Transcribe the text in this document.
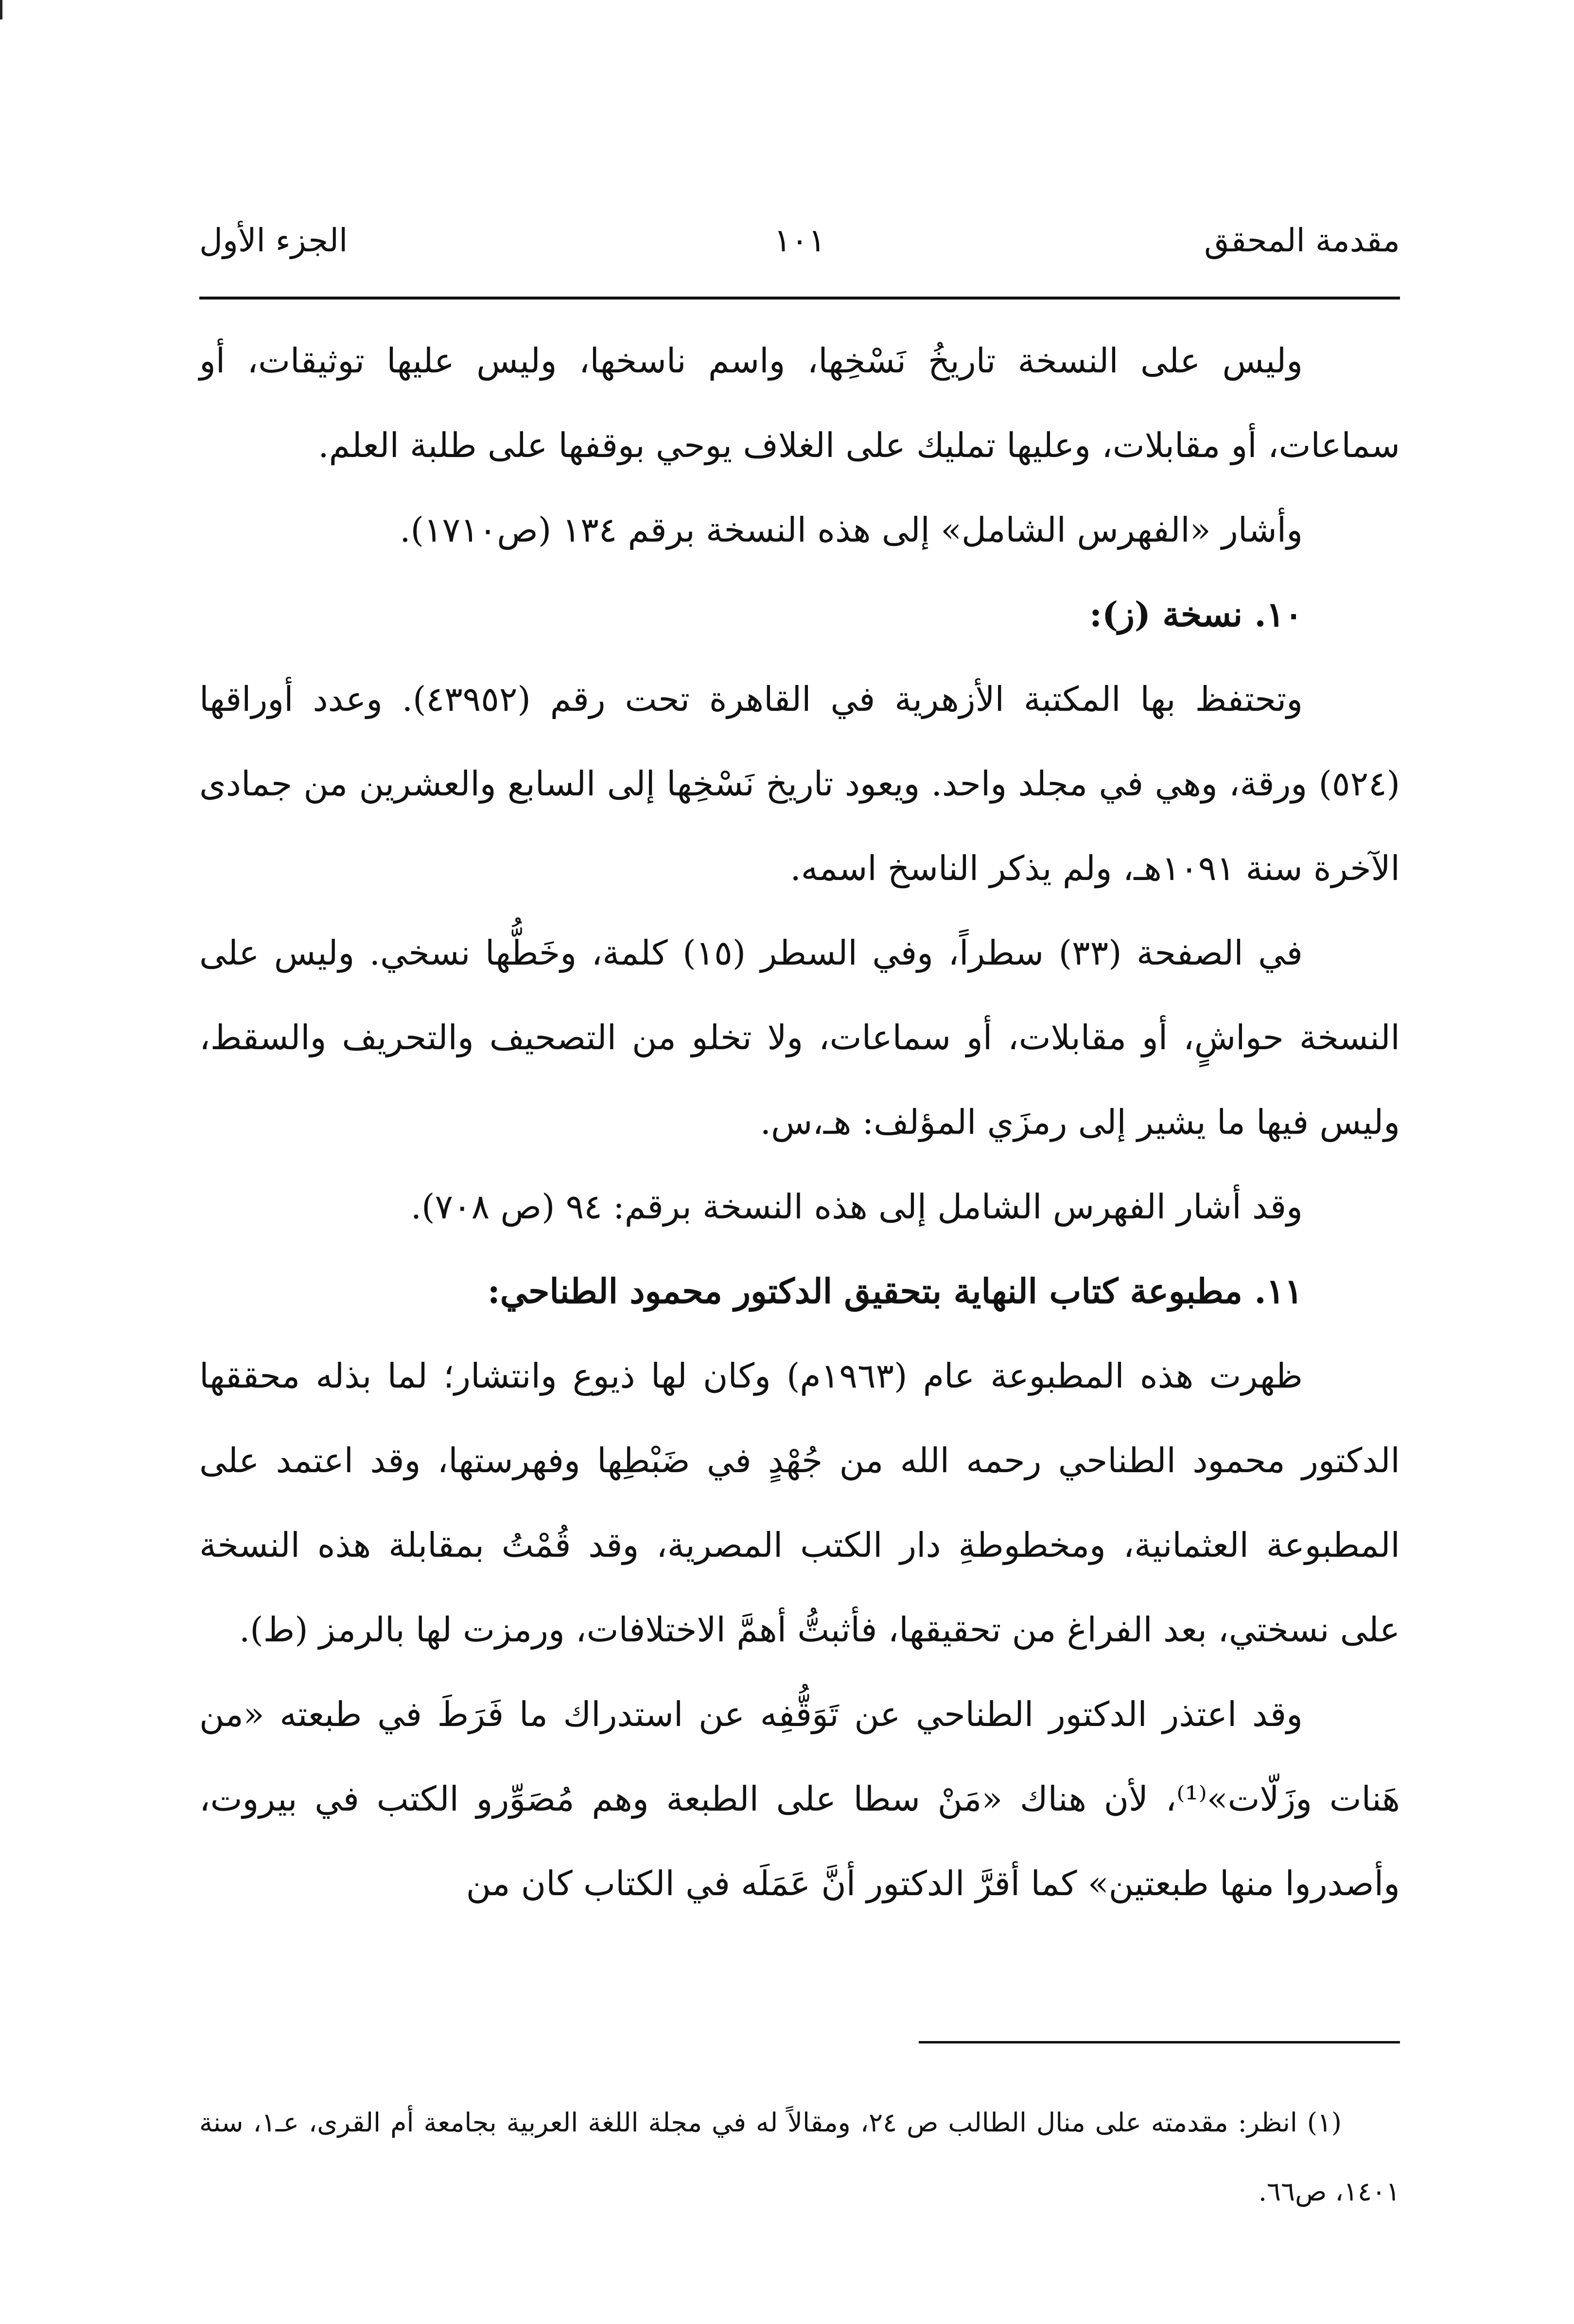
مقدمة المحقق
١٠١
الجزء الأول

وليس على النسخة تاريخُ نَسْخِها، واسم ناسخها، وليس عليها توثيقات، أو سماعات، أو مقابلات، وعليها تمليك على الغلاف يوحي بوقفها على طلبة العلم.

وأشار «الفهرس الشامل» إلى هذه النسخة برقم ١٣٤ (ص١٧١٠).

١٠. نسخة (ز):

وتحتفظ بها المكتبة الأزهرية في القاهرة تحت رقم (٤٣٩٥٢). وعدد أوراقها (٥٢٤) ورقة، وهي في مجلد واحد. ويعود تاريخ نَسْخِها إلى السابع والعشرين من جمادى الآخرة سنة ١٠٩١هـ، ولم يذكر الناسخ اسمه.

في الصفحة (٣٣) سطراً، وفي السطر (١٥) كلمة، وخَطُّها نسخي. وليس على النسخة حواشٍ، أو مقابلات، أو سماعات، ولا تخلو من التصحيف والتحريف والسقط، وليس فيها ما يشير إلى رمزَي المؤلف: هـ،س.

وقد أشار الفهرس الشامل إلى هذه النسخة برقم: ٩٤ (ص ٧٠٨).

١١. مطبوعة كتاب النهاية بتحقيق الدكتور محمود الطناحي:

ظهرت هذه المطبوعة عام (١٩٦٣م) وكان لها ذيوع وانتشار؛ لما بذله محققها الدكتور محمود الطناحي رحمه الله من جُهْدٍ في ضَبْطِها وفهرستها، وقد اعتمد على المطبوعة العثمانية، ومخطوطةِ دار الكتب المصرية، وقد قُمْتُ بمقابلة هذه النسخة على نسختي، بعد الفراغ من تحقيقها، فأثبتُّ أهمَّ الاختلافات، ورمزت لها بالرمز (ط).

وقد اعتذر الدكتور الطناحي عن تَوَقُّفِه عن استدراك ما فَرَطَ في طبعته «من هَنات وزَلّات»⁽¹⁾، لأن هناك «مَنْ سطا على الطبعة وهم مُصَوِّرو الكتب في بيروت، وأصدروا منها طبعتين» كما أقرَّ الدكتور أنَّ عَمَلَه في الكتاب كان من

(١) انظر: مقدمته على منال الطالب ص ٢٤، ومقالاً له في مجلة اللغة العربية بجامعة أم القرى، عـ١، سنة ١٤٠١، ص٦٦.
